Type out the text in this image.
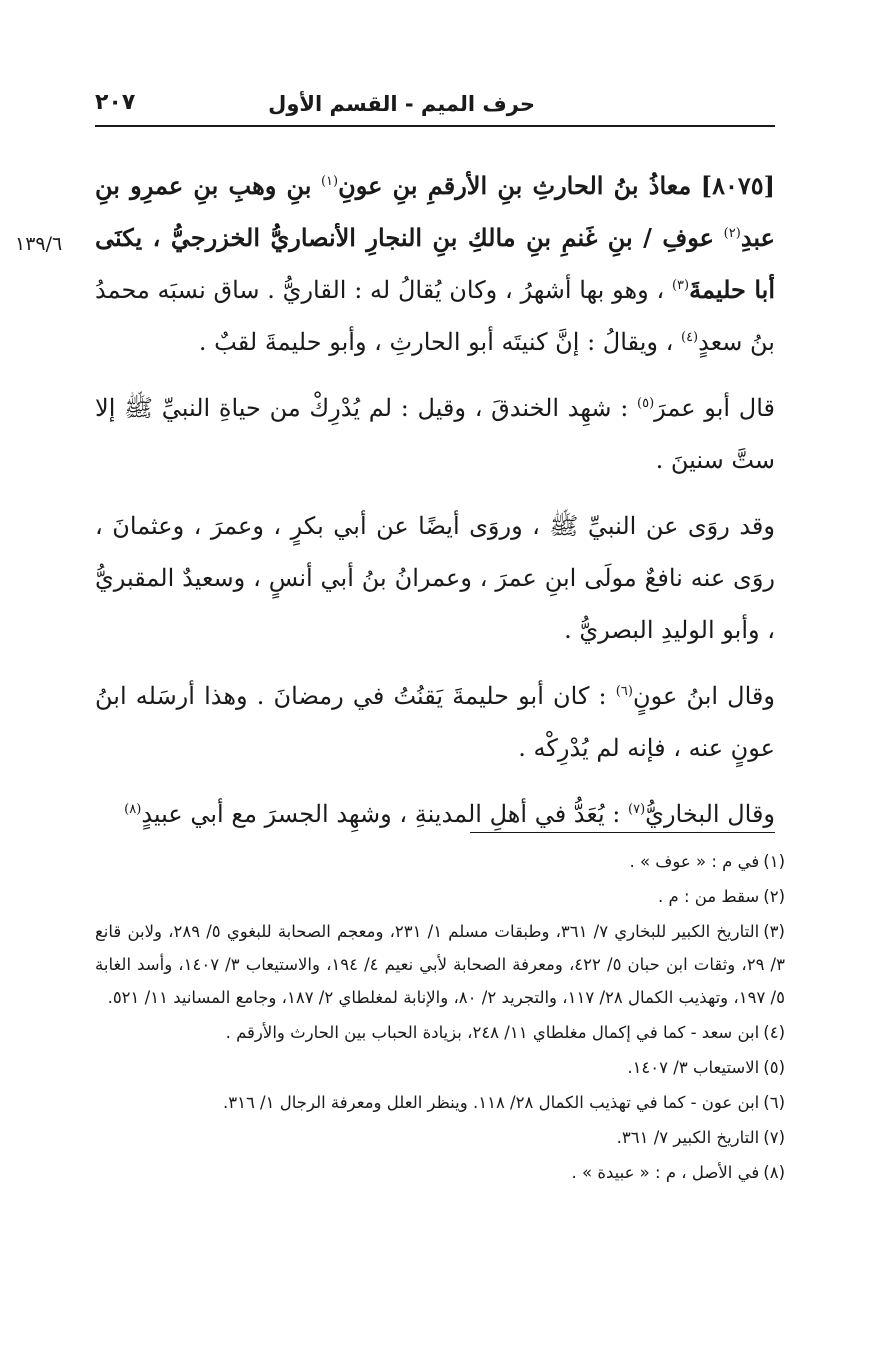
حرف الميم - القسم الأول
٢٠٧
١٣٩/٦

[٨٠٧٥] معاذُ بنُ الحارثِ بنِ الأرقمِ بنِ عونِ$^{(١)}$ بنِ وهبِ بنِ عمرِو بنِ عبدِ$^{(٢)}$ عوفِ / بنِ غَنمِ بنِ مالكِ بنِ النجارِ الأنصاريُّ الخزرجيُّ ، يكنَى أبا حليمةَ$^{(٣)}$ ، وهو بها أشهرُ ، وكان يُقالُ له : القاريُّ . ساق نسبَه محمدُ بنُ سعدٍ$^{(٤)}$ ، ويقالُ : إنَّ كنيتَه أبو الحارثِ ، وأبو حليمةَ لقبٌ .

قال أبو عمرَ$^{(٥)}$ : شهِد الخندقَ ، وقيل : لم يُدْرِكْ من حياةِ النبيِّ ﷺ إلا ستَّ سنينَ .

وقد روَى عن النبيِّ ﷺ ، وروَى أيضًا عن أبي بكرٍ ، وعمرَ ، وعثمانَ ، روَى عنه نافعٌ مولَى ابنِ عمرَ ، وعمرانُ بنُ أبي أنسٍ ، وسعيدٌ المقبريُّ ، وأبو الوليدِ البصريُّ .

وقال ابنُ عونٍ$^{(٦)}$ : كان أبو حليمةَ يَقنُتُ في رمضانَ . وهذا أرسَله ابنُ عونٍ عنه ، فإنه لم يُدْرِكْه .

وقال البخاريُّ$^{(٧)}$ : يُعَدُّ في أهلِ المدينةِ ، وشهِد الجسرَ مع أبي عبيدٍ$^{(٨)}$

(١)في م : « عوف » .
(٢)سقط من : م .
(٣)التاريخ الكبير للبخاري ٧/ ٣٦١، وطبقات مسلم ١/ ٢٣١، ومعجم الصحابة للبغوي ٥/ ٢٨٩، ولابن قانع ٣/ ٢٩، وثقات ابن حبان ٥/ ٤٢٢، ومعرفة الصحابة لأبي نعيم ٤/ ١٩٤، والاستيعاب ٣/ ١٤٠٧، وأسد الغابة ٥/ ١٩٧، وتهذيب الكمال ٢٨/ ١١٧، والتجريد ٢/ ٨٠، والإنابة لمغلطاي ٢/ ١٨٧، وجامع المسانيد ١١/ ٥٢١.
(٤)ابن سعد - كما في إكمال مغلطاي ١١/ ٢٤٨، بزيادة الحباب بين الحارث والأرقم .
(٥)الاستيعاب ٣/ ١٤٠٧.
(٦)ابن عون - كما في تهذيب الكمال ٢٨/ ١١٨. وينظر العلل ومعرفة الرجال ١/ ٣١٦.
(٧)التاريخ الكبير ٧/ ٣٦١.
(٨)في الأصل ، م : « عبيدة » .
